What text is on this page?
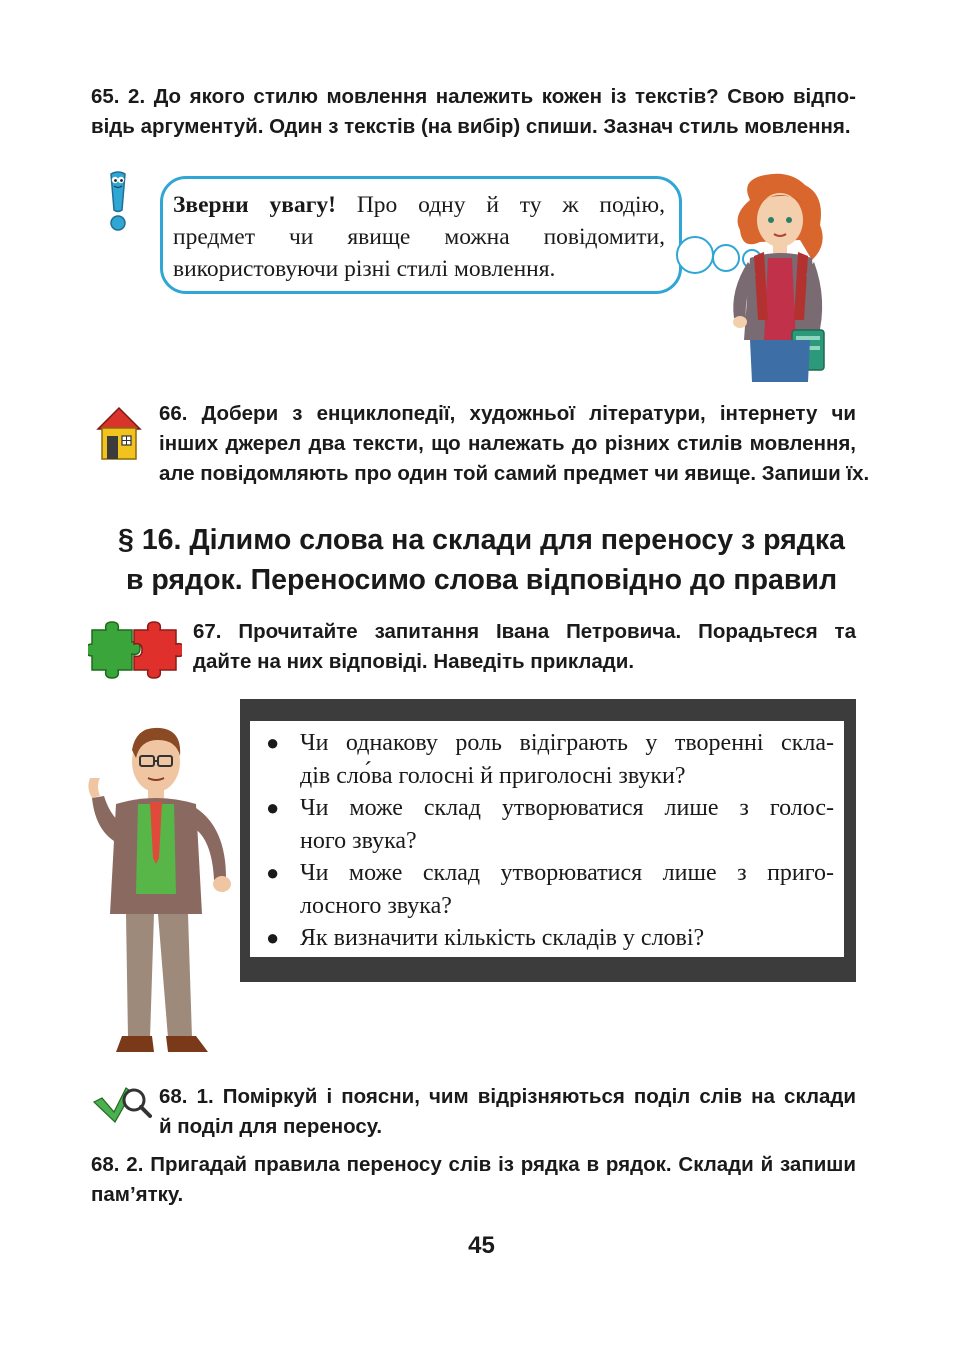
65. 2. До якого стилю мовлення належить кожен із текстів? Свою відпо-
відь аргументуй. Один з текстів (на вибір) спиши. Зазнач стиль мовлення.
Зверни увагу! Про одну й ту ж подію,
предмет чи явище можна повідомити,
використовуючи різні стилі мовлення.
66. Добери з енциклопедії, художньої літератури, інтернету чи
інших джерел два тексти, що належать до різних стилів мовлення,
але повідомляють про один той самий предмет чи явище. Запиши їх.
§ 16. Ділимо слова на склади для переносу з рядка
в рядок. Переносимо слова відповідно до правил
67. Прочитайте запитання Івана Петровича. Порадьтеся та
дайте на них відповіді. Наведіть приклади.
● Чи однакову роль відіграють у творенні скла-
дів сло́ва голосні й приголосні звуки?
● Чи може склад утворюватися лише з голос-
ного звука?
● Чи може склад утворюватися лише з приго-
лосного звука?
● Як визначити кількість складів у слові?
68. 1. Поміркуй і поясни, чим відрізняються поділ слів на склади
й поділ для переносу.
68. 2. Пригадай правила переносу слів із рядка в рядок. Склади й запиши
пам’ятку.
45
